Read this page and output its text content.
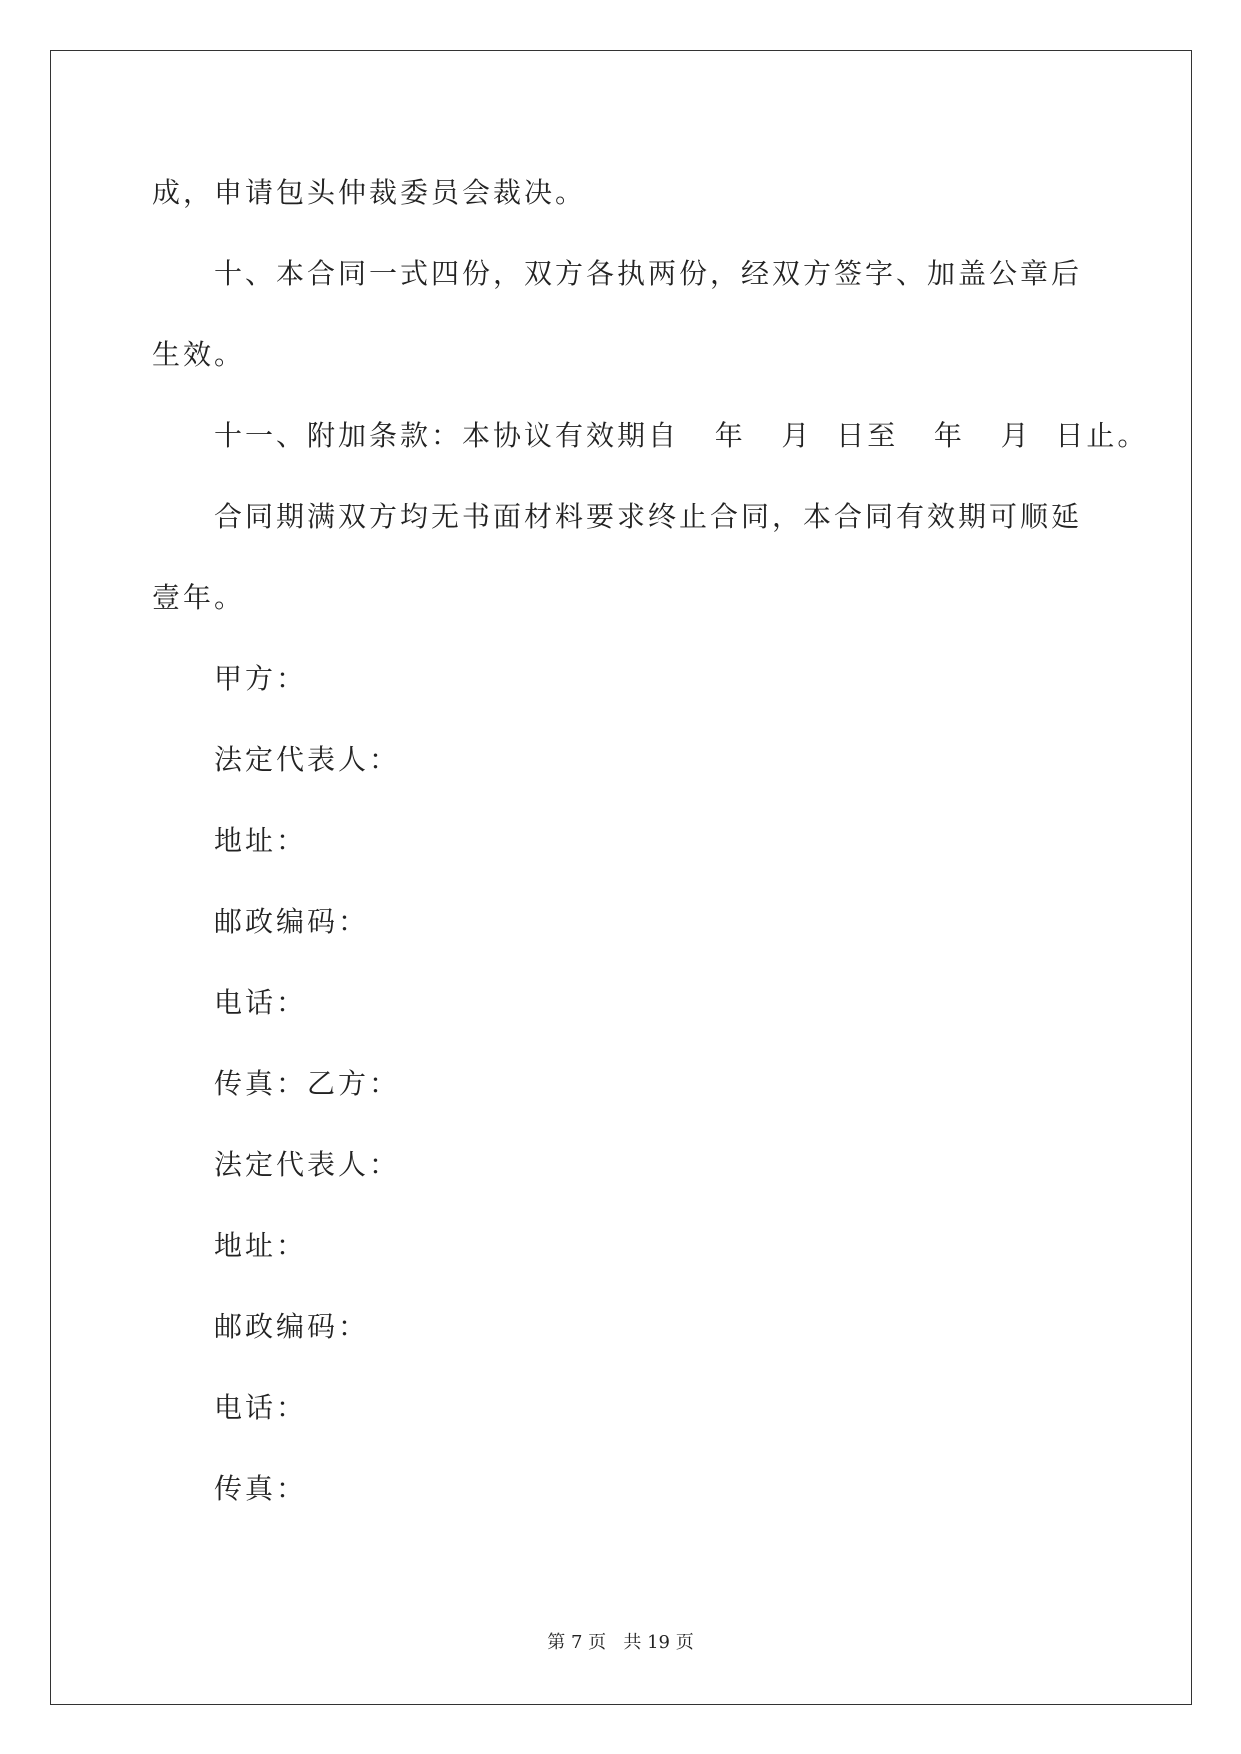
成，申请包头仲裁委员会裁决。
十、本合同一式四份，双方各执两份，经双方签字、加盖公章后
生效。
十一、附加条款：本协议有效期自   年   月  日至   年   月  日止。
合同期满双方均无书面材料要求终止合同，本合同有效期可顺延
壹年。
甲方：
法定代表人：
地址：
邮政编码：
电话：
传真：乙方：
法定代表人：
地址：
邮政编码：
电话：
传真：
第 7 页   共 19 页
